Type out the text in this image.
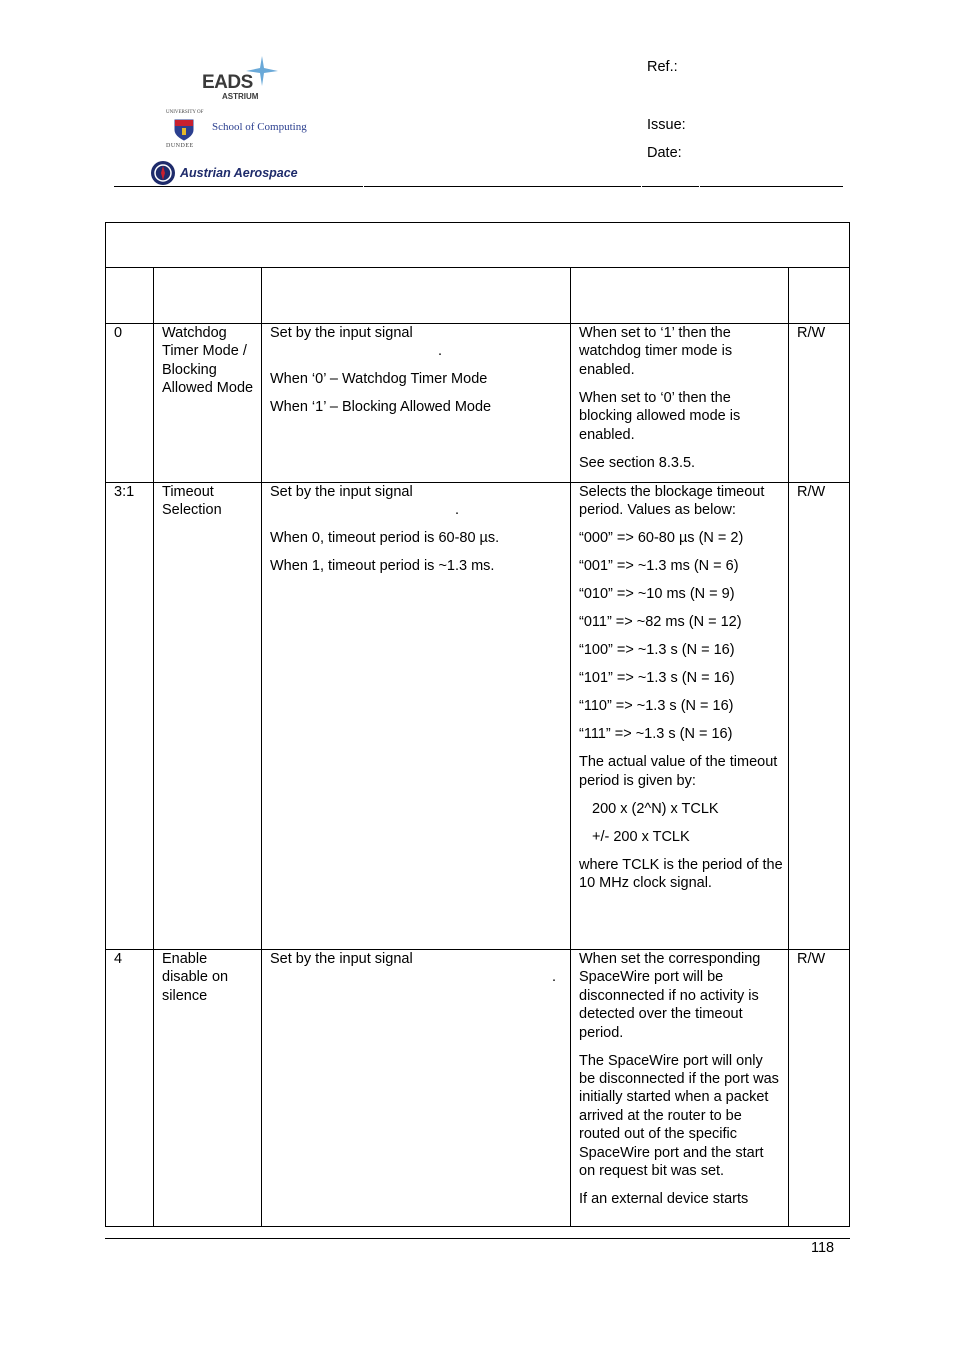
EADS
ASTRIUM
UNIVERSITY OF
School of Computing
DUNDEE
Austrian Aerospace
Ref.:
Issue:
Date:
0	Watchdog Timer Mode / Blocking Allowed Mode
Set by the input signal
.

When ‘0’ – Watchdog Timer Mode

When ‘1’ – Blocking Allowed Mode

When set to ‘1’ then the watchdog timer mode is enabled.

When set to ‘0’ then the blocking allowed mode is enabled.

See section 8.3.5.

R/W
3:1 Timeout Selection
Set by the input signal
.

When 0, timeout period is 60-80 µs.

When 1, timeout period is ~1.3 ms.

Selects the blockage timeout period. Values as below:

“000” => 60-80 µs (N = 2)

“001” => ~1.3 ms (N = 6)

“010” => ~10 ms (N = 9)

“011” => ~82 ms (N = 12)

“100” => ~1.3 s (N = 16)

“101” => ~1.3 s (N = 16)

“110” => ~1.3 s (N = 16)

“111” => ~1.3 s (N = 16)

The actual value of the timeout period is given by:

200 x (2^N) x TCLK

+/- 200 x TCLK

where TCLK is the period of the 10 MHz clock signal.

R/W
4	Enable disable on silence
Set by the input signal
.

When set the corresponding SpaceWire port will be disconnected if no activity is detected over the timeout period.

The SpaceWire port will only be disconnected if the port was initially started when a packet arrived at the router to be routed out of the specific SpaceWire port and the start on request bit was set.

If an external device starts

R/W
118
